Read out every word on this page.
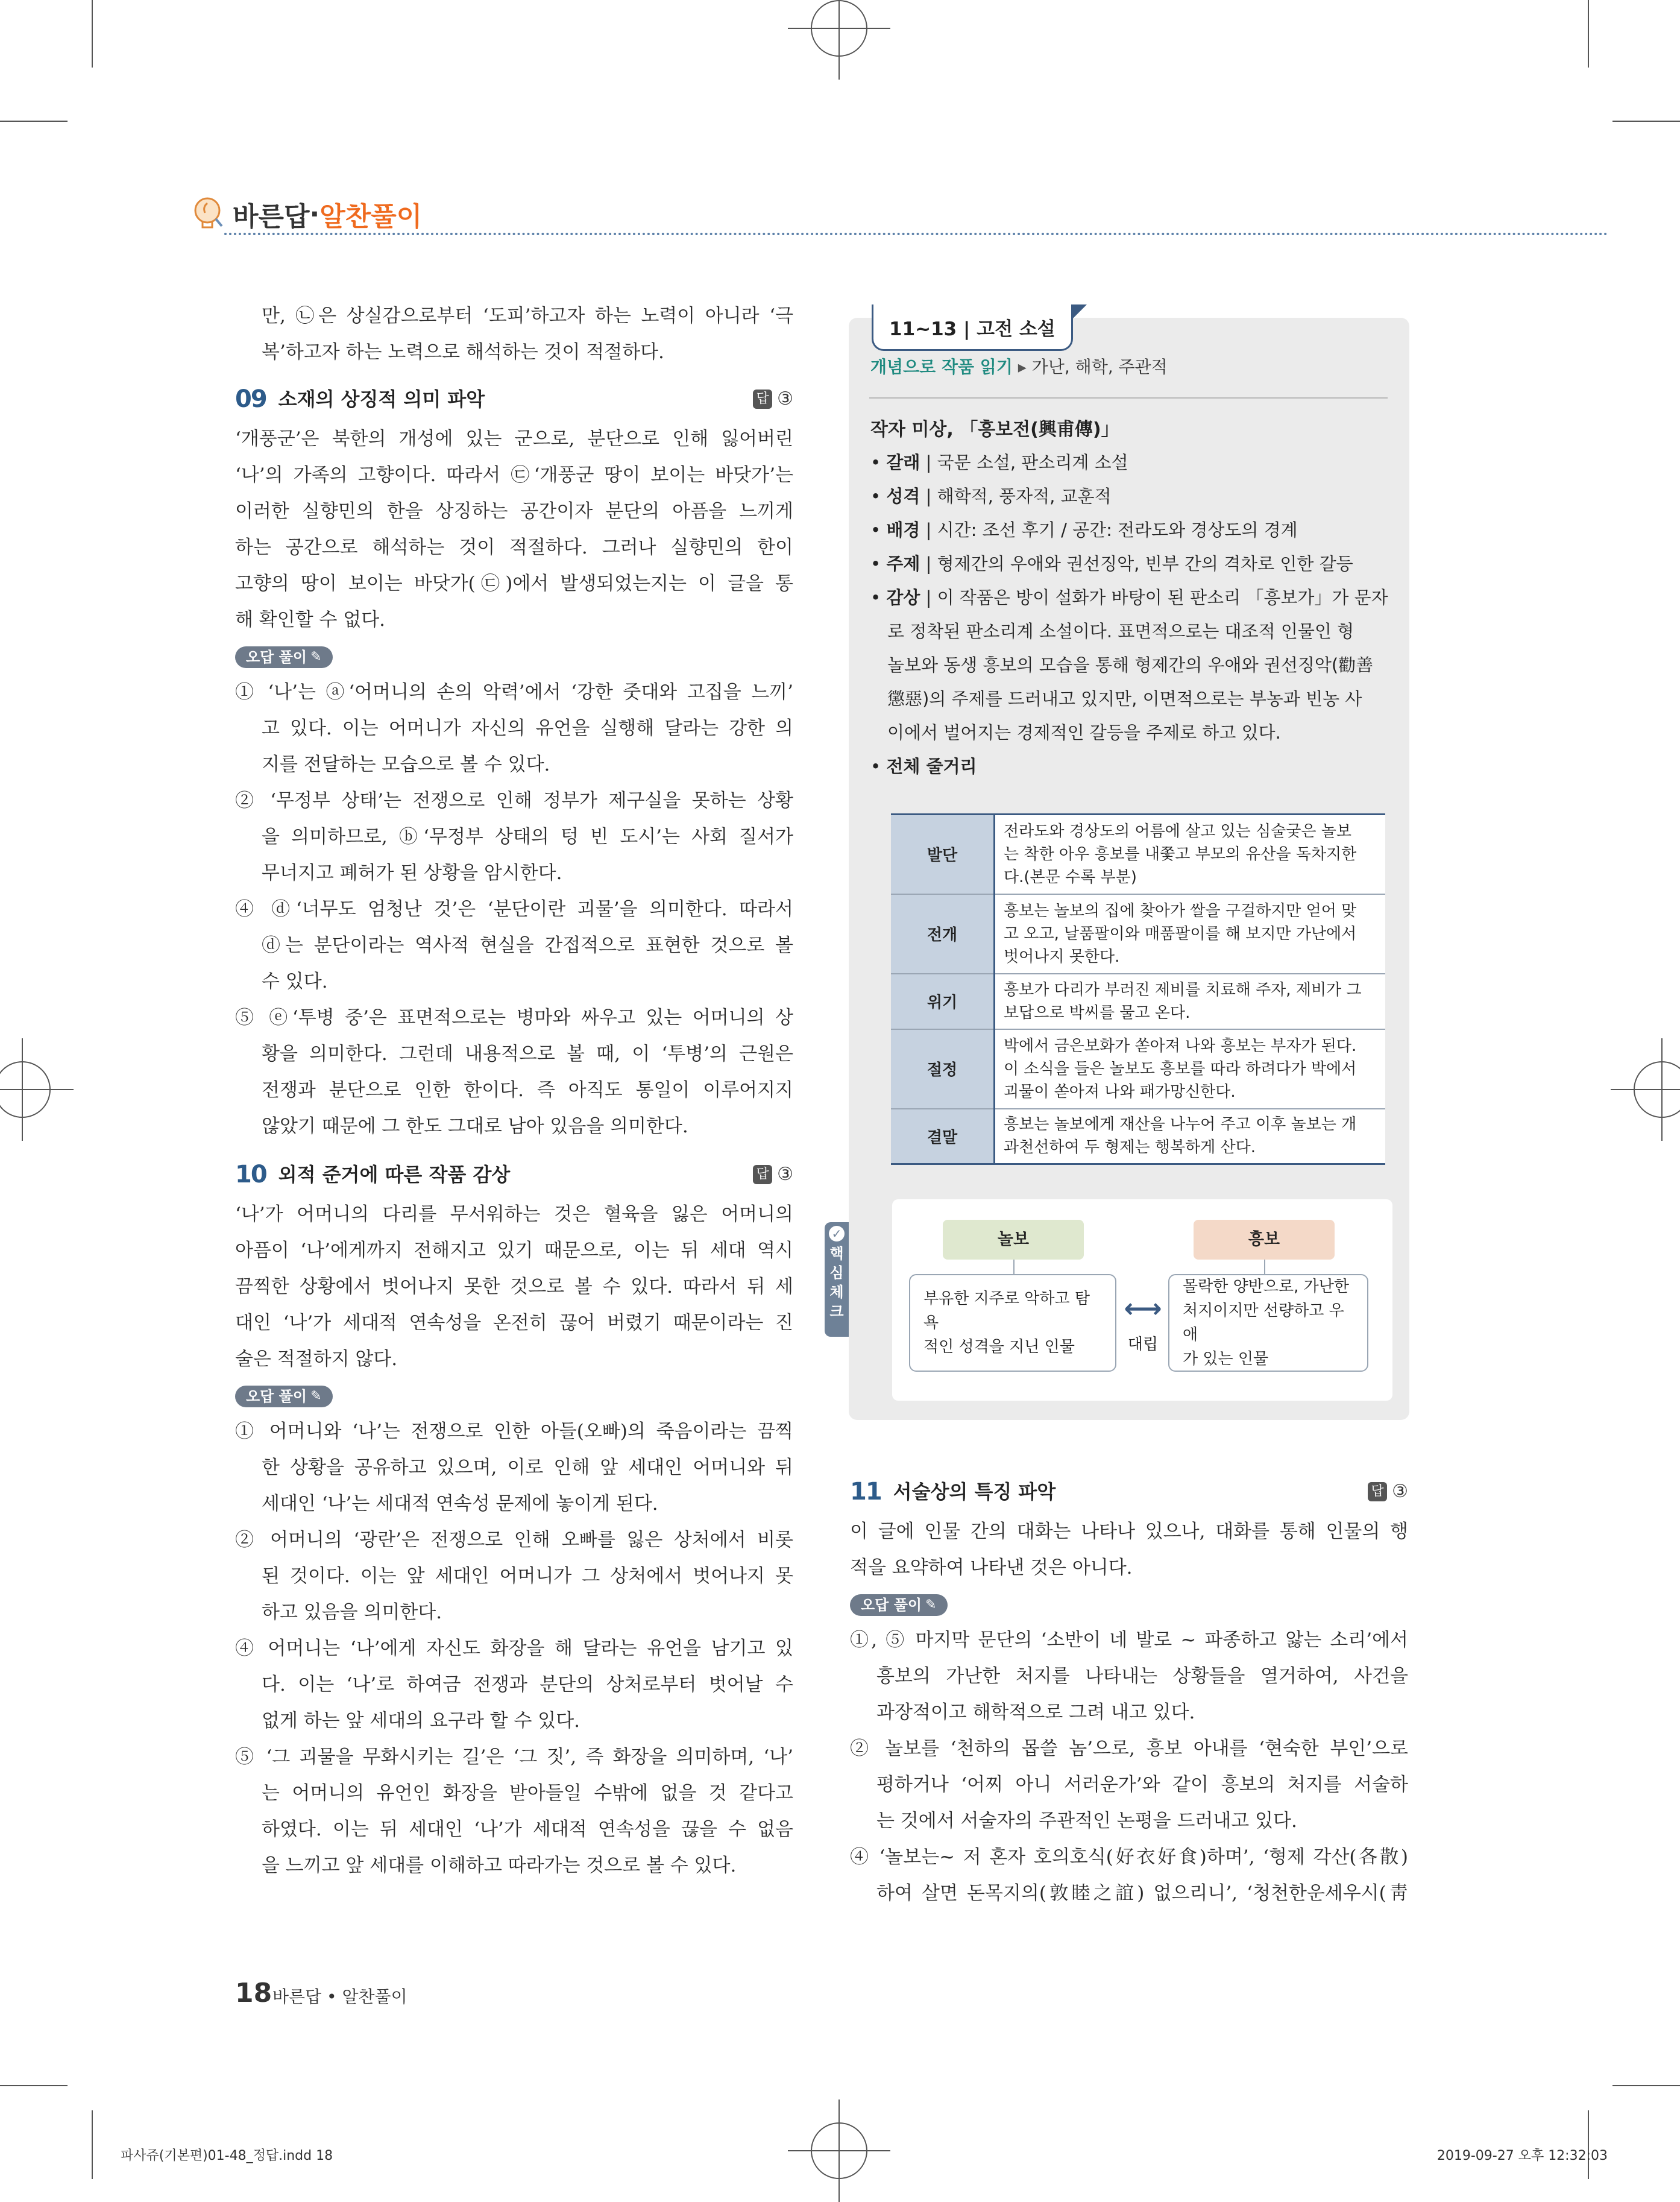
바른답 · 알찬풀이

만, ㉡은 상실감으로부터 ‘도피’하고자 하는 노력이 아니라 ‘극

복’하고자 하는 노력으로 해석하는 것이 적절하다.

09 소재의 상징적 의미 파악	답 ③

‘개풍군’은 북한의 개성에 있는 군으로, 분단으로 인해 잃어버린

‘나’의 가족의 고향이다. 따라서 ㉢‘개풍군 땅이 보이는 바닷가’는

이러한 실향민의 한을 상징하는 공간이자 분단의 아픔을 느끼게

하는 공간으로 해석하는 것이 적절하다. 그러나 실향민의 한이

고향의 땅이 보이는 바닷가(㉢)에서 발생되었는지는 이 글을 통

해 확인할 수 없다.

오답 풀이 ✎

① ‘나’는 ⓐ‘어머니의 손의 악력’에서 ‘강한 줏대와 고집을 느끼’

고 있다. 이는 어머니가 자신의 유언을 실행해 달라는 강한 의

지를 전달하는 모습으로 볼 수 있다.

② ‘무정부 상태’는 전쟁으로 인해 정부가 제구실을 못하는 상황

을 의미하므로, ⓑ‘무정부 상태의 텅 빈 도시’는 사회 질서가

무너지고 폐허가 된 상황을 암시한다.

④ ⓓ‘너무도 엄청난 것’은 ‘분단이란 괴물’을 의미한다. 따라서

ⓓ는 분단이라는 역사적 현실을 간접적으로 표현한 것으로 볼

수 있다.

⑤ ⓔ‘투병 중’은 표면적으로는 병마와 싸우고 있는 어머니의 상

황을 의미한다. 그런데 내용적으로 볼 때, 이 ‘투병’의 근원은

전쟁과 분단으로 인한 한이다. 즉 아직도 통일이 이루어지지

않았기 때문에 그 한도 그대로 남아 있음을 의미한다.

10 외적 준거에 따른 작품 감상	답 ③

‘나’가 어머니의 다리를 무서워하는 것은 혈육을 잃은 어머니의

아픔이 ‘나’에게까지 전해지고 있기 때문으로, 이는 뒤 세대 역시

끔찍한 상황에서 벗어나지 못한 것으로 볼 수 있다. 따라서 뒤 세

대인 ‘나’가 세대적 연속성을 온전히 끊어 버렸기 때문이라는 진

술은 적절하지 않다.

오답 풀이 ✎

① 어머니와 ‘나’는 전쟁으로 인한 아들(오빠)의 죽음이라는 끔찍

한 상황을 공유하고 있으며, 이로 인해 앞 세대인 어머니와 뒤

세대인 ‘나’는 세대적 연속성 문제에 놓이게 된다.

② 어머니의 ‘광란’은 전쟁으로 인해 오빠를 잃은 상처에서 비롯

된 것이다. 이는 앞 세대인 어머니가 그 상처에서 벗어나지 못

하고 있음을 의미한다.

④ 어머니는 ‘나’에게 자신도 화장을 해 달라는 유언을 남기고 있

다. 이는 ‘나’로 하여금 전쟁과 분단의 상처로부터 벗어날 수

없게 하는 앞 세대의 요구라 할 수 있다.

⑤ ‘그 괴물을 무화시키는 길’은 ‘그 짓’, 즉 화장을 의미하며, ‘나’

는 어머니의 유언인 화장을 받아들일 수밖에 없을 것 같다고

하였다. 이는 뒤 세대인 ‘나’가 세대적 연속성을 끊을 수 없음

을 느끼고 앞 세대를 이해하고 따라가는 것으로 볼 수 있다.

11~13 | 고전 소설
개념으로 작품 읽기 ▸ 가난, 해학, 주관적
작자 미상, 「흥보전(興甫傳)」
• 갈래 | 국문 소설, 판소리계 소설
• 성격 | 해학적, 풍자적, 교훈적
• 배경 | 시간: 조선 후기 / 공간: 전라도와 경상도의 경계
• 주제 | 형제간의 우애와 권선징악, 빈부 간의 격차로 인한 갈등
• 감상 | 이 작품은 방이 설화가 바탕이 된 판소리 「흥보가」가 문자
로 정착된 판소리계 소설이다. 표면적으로는 대조적 인물인 형
놀보와 동생 흥보의 모습을 통해 형제간의 우애와 권선징악(勸善
懲惡)의 주제를 드러내고 있지만, 이면적으로는 부농과 빈농 사
이에서 벌어지는 경제적인 갈등을 주제로 하고 있다.
• 전체 줄거리
발단	전라도와 경상도의 어름에 살고 있는 심술궂은 놀보
는 착한 아우 흥보를 내쫓고 부모의 유산을 독차지한
다.(본문 수록 부분)

전개	흥보는 놀보의 집에 찾아가 쌀을 구걸하지만 얻어 맞
고 오고, 날품팔이와 매품팔이를 해 보지만 가난에서
벗어나지 못한다.

위기	흥보가 다리가 부러진 제비를 치료해 주자, 제비가 그
보답으로 박씨를 물고 온다.

절정	박에서 금은보화가 쏟아져 나와 흥보는 부자가 된다.
이 소식을 들은 놀보도 흥보를 따라 하려다가 박에서
괴물이 쏟아져 나와 패가망신한다.

결말	흥보는 놀보에게 재산을 나누어 주고 이후 놀보는 개
과천선하여 두 형제는 행복하게 산다.
✓
핵
심
체
크
놀보	흥보
부유한 지주로 악하고 탐욕
적인 성격을 지닌 인물
⟷
대립
몰락한 양반으로, 가난한
처지이지만 선량하고 우애
가 있는 인물
11 서술상의 특징 파악	답 ③

이 글에 인물 간의 대화는 나타나 있으나, 대화를 통해 인물의 행

적을 요약하여 나타낸 것은 아니다.

오답 풀이 ✎

①, ⑤ 마지막 문단의 ‘소반이 네 발로 ~ 파종하고 앓는 소리’에서

흥보의 가난한 처지를 나타내는 상황들을 열거하여, 사건을

과장적이고 해학적으로 그려 내고 있다.

② 놀보를 ‘천하의 몹쓸 놈’으로, 흥보 아내를 ‘현숙한 부인’으로

평하거나 ‘어찌 아니 서러운가’와 같이 흥보의 처지를 서술하

는 것에서 서술자의 주관적인 논평을 드러내고 있다.

④ ‘놀보는~ 저 혼자 호의호식(好衣好食)하며’, ‘형제 각산(各散)

하여 살면 돈목지의(敦睦之誼) 없으리니’, ‘청천한운세우시(靑

18 바른답 • 알찬풀이
파사쥬(기본편)01-48_정답.indd 18	2019-09-27 오후 12:32:03
